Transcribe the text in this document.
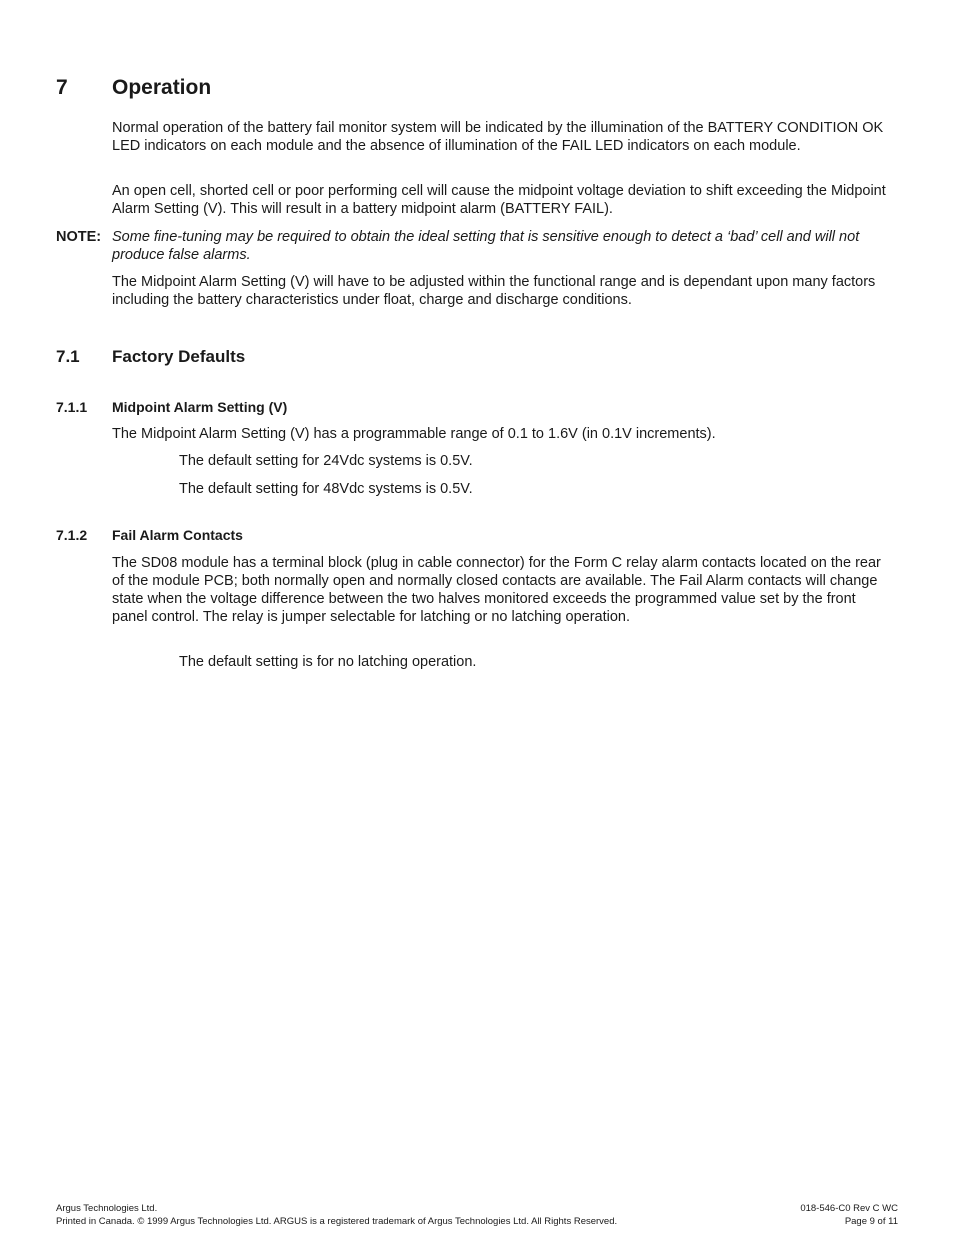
7 Operation

Normal operation of the battery fail monitor system will be indicated by the illumination of the BATTERY CONDITION OK LED indicators on each module and the absence of illumination of the FAIL LED indicators on each module.

An open cell, shorted cell or poor performing cell will cause the midpoint voltage deviation to shift exceeding the Midpoint Alarm Setting (V). This will result in a battery midpoint alarm (BATTERY FAIL).

NOTE: Some fine-tuning may be required to obtain the ideal setting that is sensitive enough to detect a ‘bad’ cell and will not produce false alarms.

The Midpoint Alarm Setting (V) will have to be adjusted within the functional range and is dependant upon many factors including the battery characteristics under float, charge and discharge conditions.

7.1 Factory Defaults
7.1.1 Midpoint Alarm Setting (V)

The Midpoint Alarm Setting (V) has a programmable range of 0.1 to 1.6V (in 0.1V increments).

The default setting for 24Vdc systems is 0.5V.
The default setting for 48Vdc systems is 0.5V.
7.1.2 Fail Alarm Contacts

The SD08 module has a terminal block (plug in cable connector) for the Form C relay alarm contacts located on the rear of the module PCB; both normally open and normally closed contacts are available. The Fail Alarm contacts will change state when the voltage difference between the two halves monitored exceeds the programmed value set by the front panel control. The relay is jumper selectable for latching or no latching operation.

The default setting is for no latching operation.
Argus Technologies Ltd.
Printed in Canada. © 1999 Argus Technologies Ltd. ARGUS is a registered trademark of Argus Technologies Ltd. All Rights Reserved.
018-546-C0 Rev C WC
Page 9 of 11
